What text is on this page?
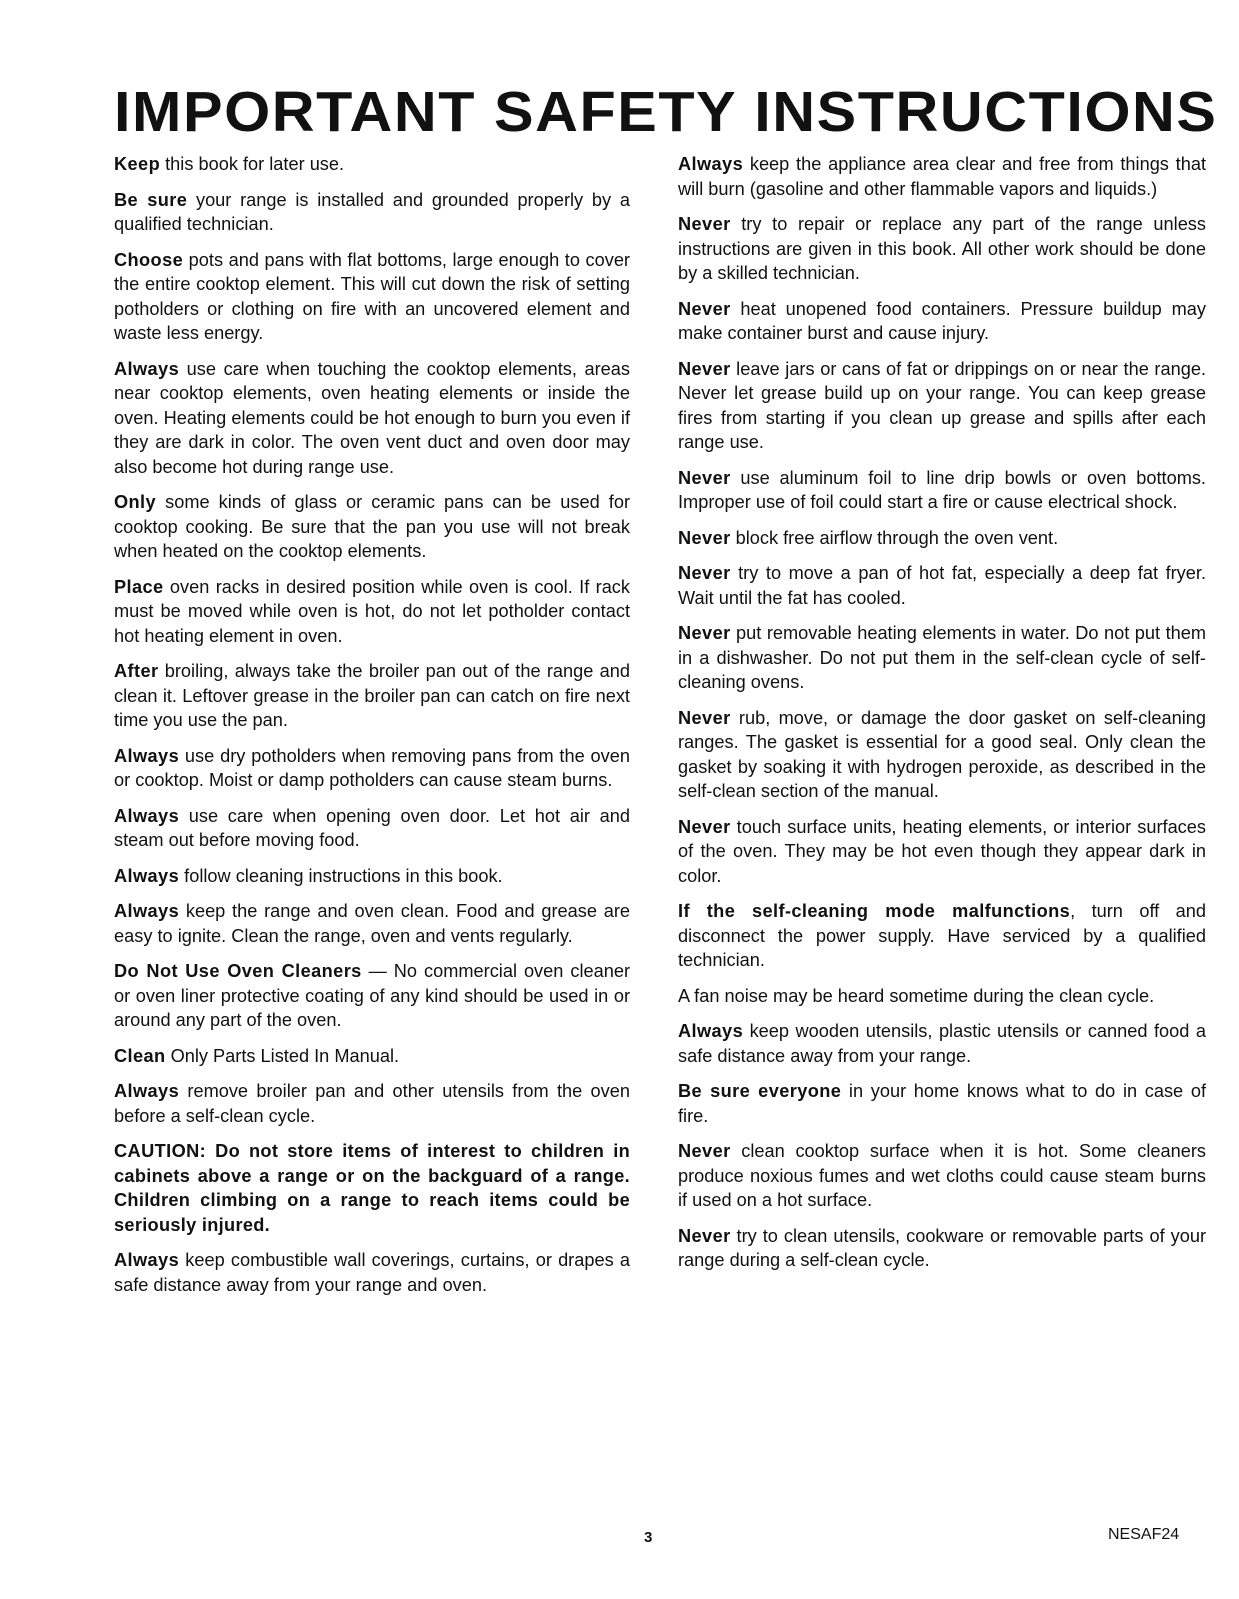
IMPORTANT SAFETY INSTRUCTIONS

Keep this book for later use.

Be sure your range is installed and grounded properly by a qualified technician.

Choose pots and pans with flat bottoms, large enough to cover the entire cooktop element. This will cut down the risk of setting potholders or clothing on fire with an uncovered element and waste less energy.

Always use care when touching the cooktop elements, areas near cooktop elements, oven heating elements or inside the oven. Heating elements could be hot enough to burn you even if they are dark in color. The oven vent duct and oven door may also become hot during range use.

Only some kinds of glass or ceramic pans can be used for cooktop cooking. Be sure that the pan you use will not break when heated on the cooktop elements.

Place oven racks in desired position while oven is cool. If rack must be moved while oven is hot, do not let potholder contact hot heating element in oven.

After broiling, always take the broiler pan out of the range and clean it. Leftover grease in the broiler pan can catch on fire next time you use the pan.

Always use dry potholders when removing pans from the oven or cooktop. Moist or damp potholders can cause steam burns.

Always use care when opening oven door. Let hot air and steam out before moving food.

Always follow cleaning instructions in this book.

Always keep the range and oven clean. Food and grease are easy to ignite. Clean the range, oven and vents regularly.

Do Not Use Oven Cleaners — No commercial oven cleaner or oven liner protective coating of any kind should be used in or around any part of the oven.

Clean Only Parts Listed In Manual.

Always remove broiler pan and other utensils from the oven before a self-clean cycle.

CAUTION: Do not store items of interest to children in cabinets above a range or on the backguard of a range. Children climbing on a range to reach items could be seriously injured.

Always keep combustible wall coverings, curtains, or drapes a safe distance away from your range and oven.

Always keep the appliance area clear and free from things that will burn (gasoline and other flammable vapors and liquids.)

Never try to repair or replace any part of the range unless instructions are given in this book. All other work should be done by a skilled technician.

Never heat unopened food containers. Pressure buildup may make container burst and cause injury.

Never leave jars or cans of fat or drippings on or near the range. Never let grease build up on your range. You can keep grease fires from starting if you clean up grease and spills after each range use.

Never use aluminum foil to line drip bowls or oven bottoms. Improper use of foil could start a fire or cause electrical shock.

Never block free airflow through the oven vent.

Never try to move a pan of hot fat, especially a deep fat fryer. Wait until the fat has cooled.

Never put removable heating elements in water. Do not put them in a dishwasher. Do not put them in the self-clean cycle of self-cleaning ovens.

Never rub, move, or damage the door gasket on self-cleaning ranges. The gasket is essential for a good seal. Only clean the gasket by soaking it with hydrogen peroxide, as described in the self-clean section of the manual.

Never touch surface units, heating elements, or interior surfaces of the oven. They may be hot even though they appear dark in color.

If the self-cleaning mode malfunctions, turn off and disconnect the power supply. Have serviced by a qualified technician.

A fan noise may be heard sometime during the clean cycle.

Always keep wooden utensils, plastic utensils or canned food a safe distance away from your range.

Be sure everyone in your home knows what to do in case of fire.

Never clean cooktop surface when it is hot. Some cleaners produce noxious fumes and wet cloths could cause steam burns if used on a hot surface.

Never try to clean utensils, cookware or removable parts of your range during a self-clean cycle.

3	NESAF24
